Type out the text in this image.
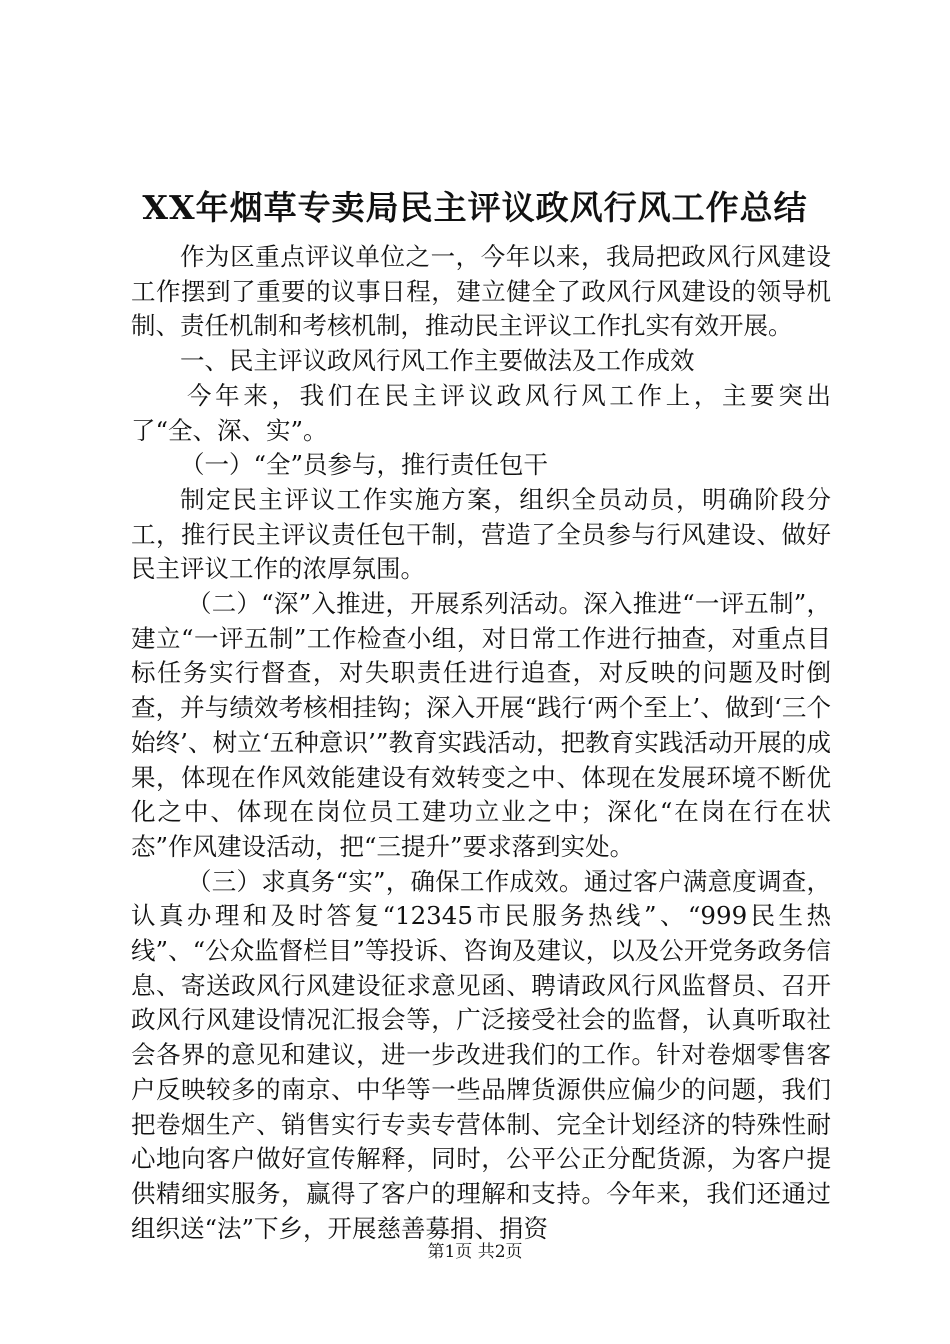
XX年烟草专卖局民主评议政风行风工作总结

作为区重点评议单位之一，今年以来，我局把政风行风建设工作摆到了重要的议事日程，建立健全了政风行风建设的领导机制、责任机制和考核机制，推动民主评议工作扎实有效开展。

一、民主评议政风行风工作主要做法及工作成效

今年来，我们在民主评议政风行风工作上，主要突出了“全、深、实”。

（一）“全”员参与，推行责任包干

制定民主评议工作实施方案，组织全员动员，明确阶段分工，推行民主评议责任包干制，营造了全员参与行风建设、做好民主评议工作的浓厚氛围。

（二）“深”入推进，开展系列活动。深入推进“一评五制”，建立“一评五制”工作检查小组，对日常工作进行抽查，对重点目标任务实行督查，对失职责任进行追查，对反映的问题及时倒查，并与绩效考核相挂钩；深入开展“践行‘两个至上’、做到‘三个始终’、树立‘五种意识’”教育实践活动，把教育实践活动开展的成果，体现在作风效能建设有效转变之中、体现在发展环境不断优化之中、体现在岗位员工建功立业之中；深化“在岗在行在状态”作风建设活动，把“三提升”要求落到实处。

（三）求真务“实”，确保工作成效。通过客户满意度调查，认真办理和及时答复“12345市民服务热线”、“999民生热线”、“公众监督栏目”等投诉、咨询及建议，以及公开党务政务信息、寄送政风行风建设征求意见函、聘请政风行风监督员、召开政风行风建设情况汇报会等，广泛接受社会的监督，认真听取社会各界的意见和建议，进一步改进我们的工作。针对卷烟零售客户反映较多的南京、中华等一些品牌货源供应偏少的问题，我们把卷烟生产、销售实行专卖专营体制、完全计划经济的特殊性耐心地向客户做好宣传解释，同时，公平公正分配货源，为客户提供精细实服务，赢得了客户的理解和支持。今年来，我们还通过组织送“法”下乡，开展慈善募捐、捐资

第1页 共2页
